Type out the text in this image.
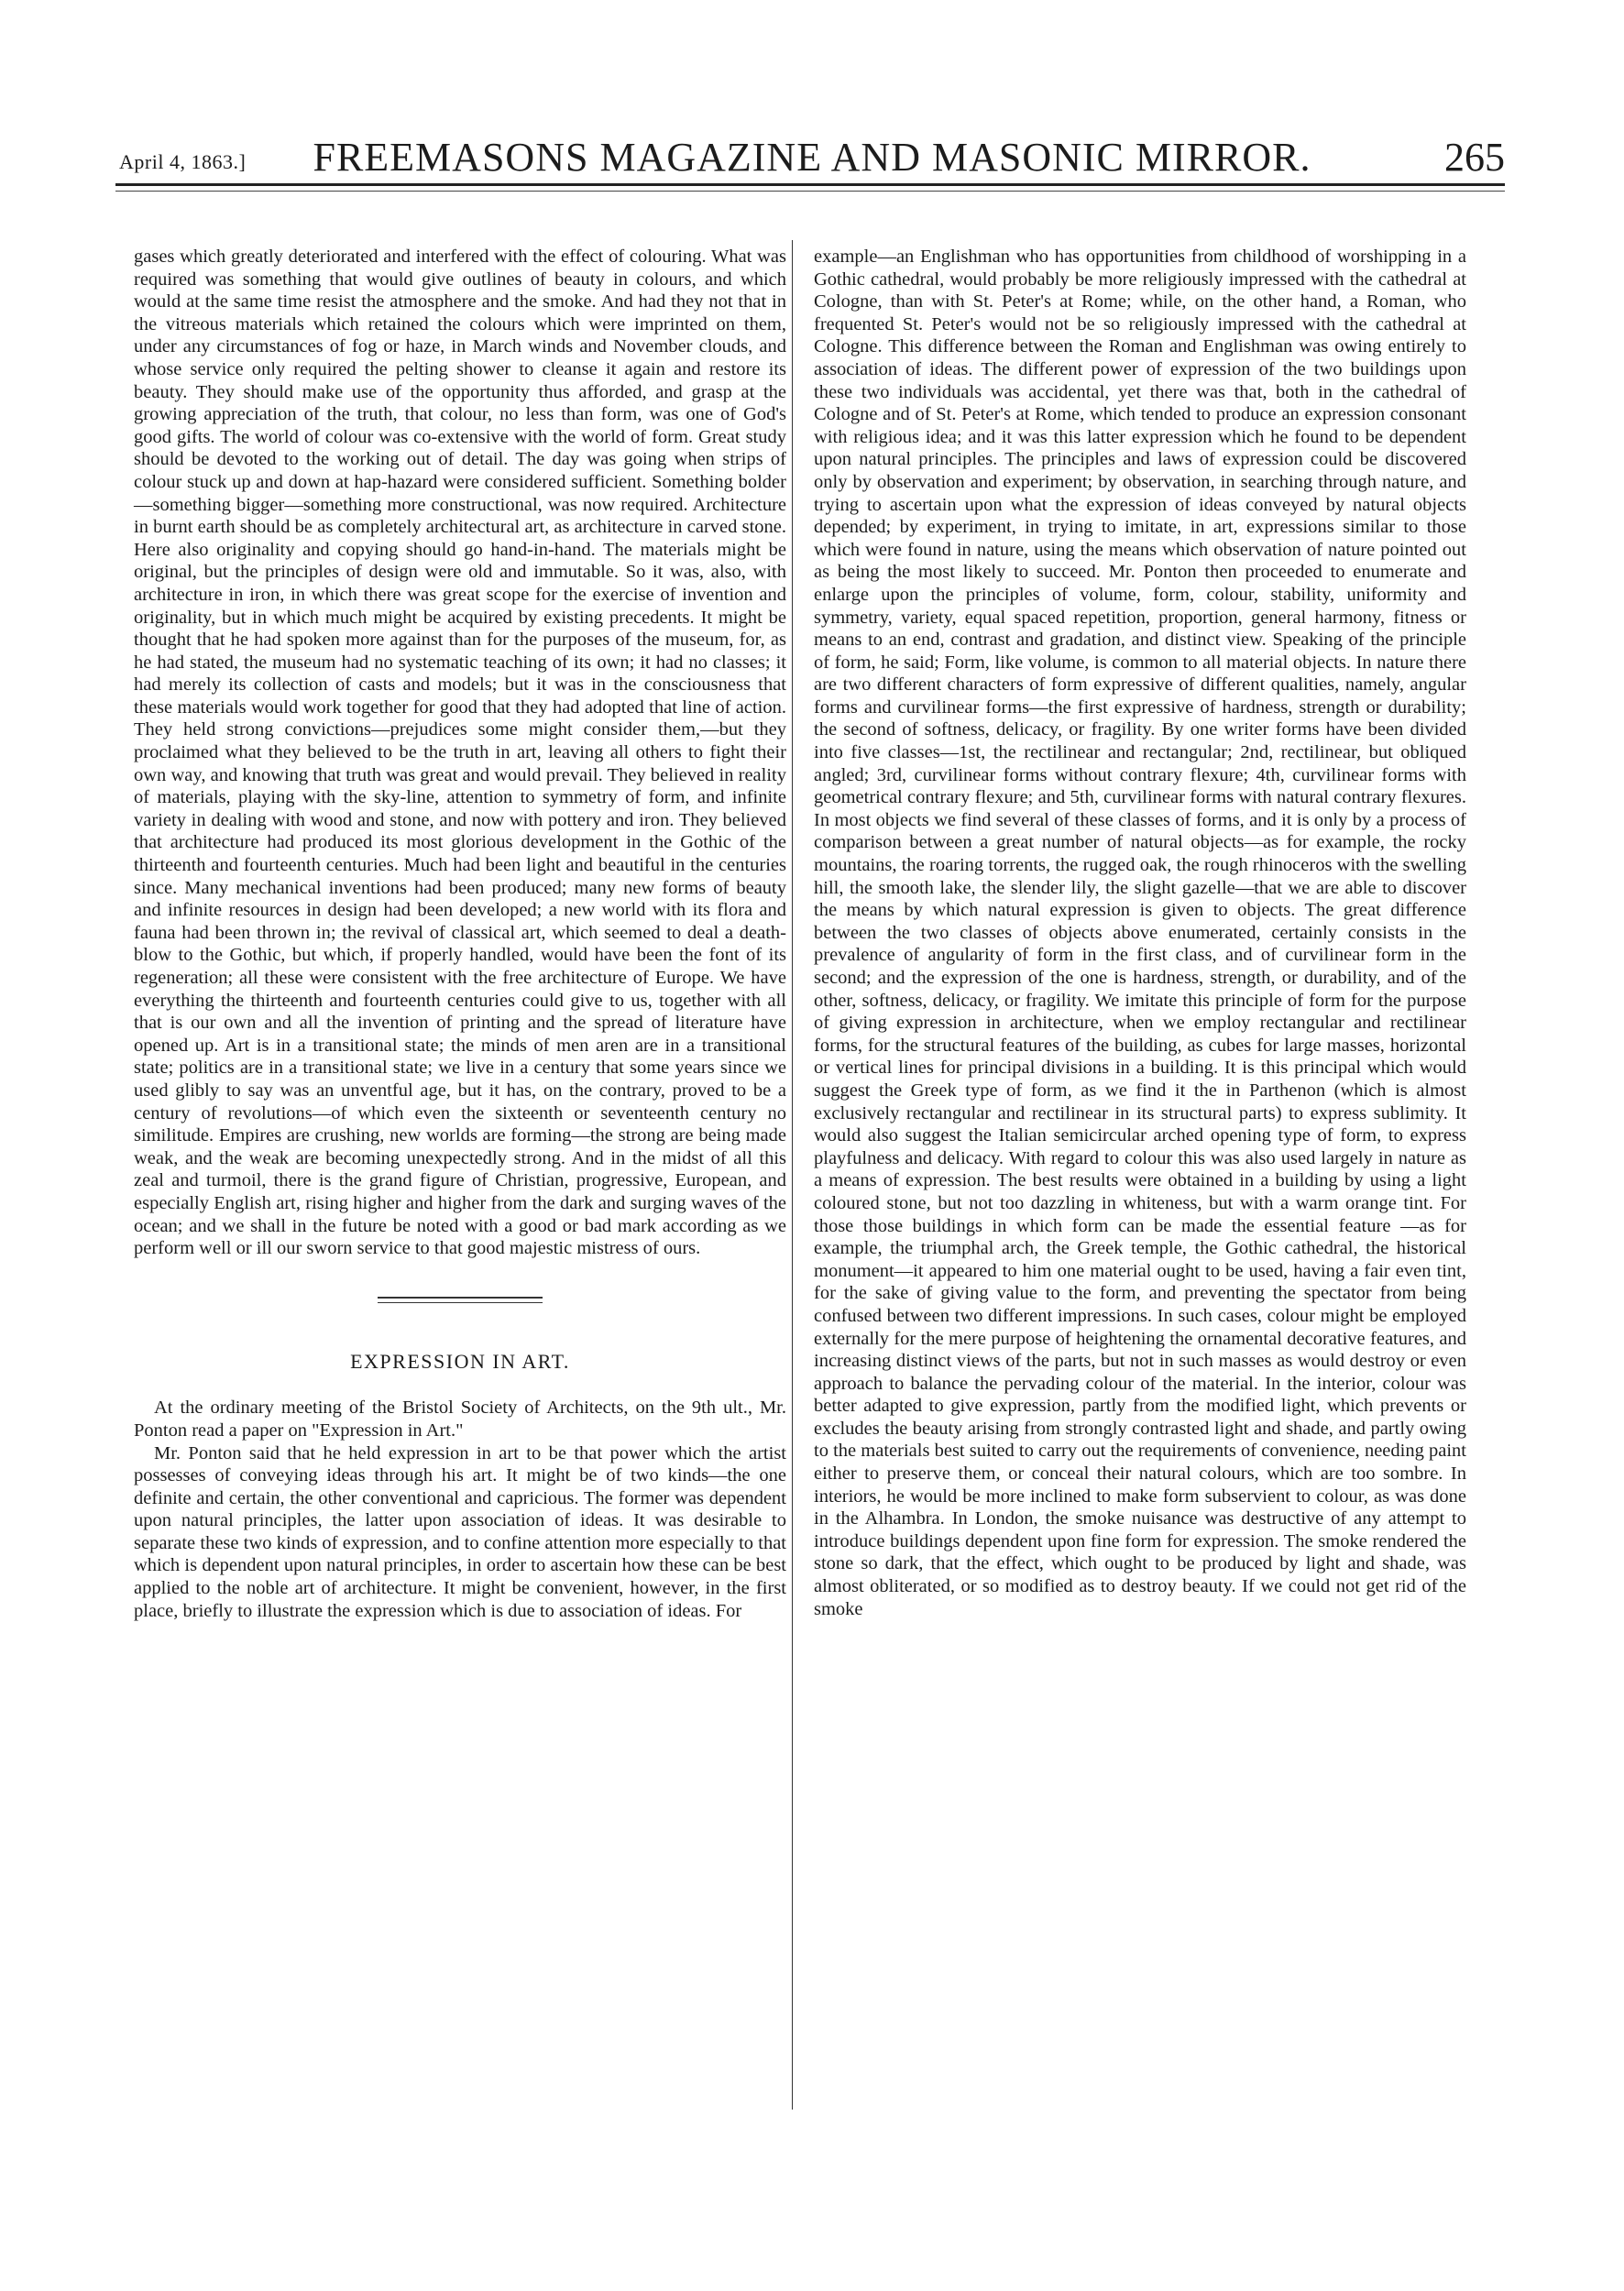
April 4, 1863.]	FREEMASONS MAGAZINE AND MASONIC MIRROR.	265

gases which greatly deteriorated and interfered with the effect of colouring. What was required was something that would give outlines of beauty in colours, and which would at the same time resist the atmosphere and the smoke. And had they not that in the vitreous materials which retained the colours which were imprinted on them, under any circumstances of fog or haze, in March winds and November clouds, and whose service only required the pelting shower to cleanse it again and restore its beauty. They should make use of the opportunity thus afforded, and grasp at the growing appreciation of the truth, that colour, no less than form, was one of God's good gifts. The world of colour was co-extensive with the world of form. Great study should be devoted to the working out of detail. The day was going when strips of colour stuck up and down at hap-hazard were considered sufficient. Something bolder—something bigger—something more constructional, was now required. Architecture in burnt earth should be as completely architectural art, as architecture in carved stone. Here also originality and copying should go hand-in-hand. The materials might be original, but the principles of design were old and immutable. So it was, also, with architecture in iron, in which there was great scope for the exercise of invention and originality, but in which much might be acquired by existing precedents. It might be thought that he had spoken more against than for the purposes of the museum, for, as he had stated, the museum had no systematic teaching of its own; it had no classes; it had merely its collection of casts and models; but it was in the consciousness that these materials would work together for good that they had adopted that line of action. They held strong convictions—prejudices some might consider them,—but they proclaimed what they believed to be the truth in art, leaving all others to fight their own way, and knowing that truth was great and would prevail. They believed in reality of materials, playing with the sky-line, attention to symmetry of form, and infinite variety in dealing with wood and stone, and now with pottery and iron. They believed that architecture had produced its most glorious development in the Gothic of the thirteenth and fourteenth centuries. Much had been light and beautiful in the centuries since. Many mechanical inventions had been produced; many new forms of beauty and infinite resources in design had been developed; a new world with its flora and fauna had been thrown in; the revival of classical art, which seemed to deal a death-blow to the Gothic, but which, if properly handled, would have been the font of its regeneration; all these were consistent with the free architecture of Europe. We have everything the thirteenth and fourteenth centuries could give to us, together with all that is our own and all the invention of printing and the spread of literature have opened up. Art is in a transitional state; the minds of men aren are in a transitional state; politics are in a transitional state; we live in a century that some years since we used glibly to say was an unventful age, but it has, on the contrary, proved to be a century of revolutions—of which even the sixteenth or seventeenth century no similitude. Empires are crushing, new worlds are forming—the strong are being made weak, and the weak are becoming unexpectedly strong. And in the midst of all this zeal and turmoil, there is the grand figure of Christian, progressive, European, and especially English art, rising higher and higher from the dark and surging waves of the ocean; and we shall in the future be noted with a good or bad mark according as we perform well or ill our sworn service to that good majestic mistress of ours.

EXPRESSION IN ART.

At the ordinary meeting of the Bristol Society of Architects, on the 9th ult., Mr. Ponton read a paper on "Expression in Art."

Mr. Ponton said that he held expression in art to be that power which the artist possesses of conveying ideas through his art. It might be of two kinds—the one definite and certain, the other conventional and capricious. The former was dependent upon natural principles, the latter upon association of ideas. It was desirable to separate these two kinds of expression, and to confine attention more especially to that which is dependent upon natural principles, in order to ascertain how these can be best applied to the noble art of architecture. It might be convenient, however, in the first place, briefly to illustrate the expression which is due to association of ideas. For

example—an Englishman who has opportunities from childhood of worshipping in a Gothic cathedral, would probably be more religiously impressed with the cathedral at Cologne, than with St. Peter's at Rome; while, on the other hand, a Roman, who frequented St. Peter's would not be so religiously impressed with the cathedral at Cologne. This difference between the Roman and Englishman was owing entirely to association of ideas. The different power of expression of the two buildings upon these two individuals was accidental, yet there was that, both in the cathedral of Cologne and of St. Peter's at Rome, which tended to produce an expression consonant with religious idea; and it was this latter expression which he found to be dependent upon natural principles. The principles and laws of expression could be discovered only by observation and experiment; by observation, in searching through nature, and trying to ascertain upon what the expression of ideas conveyed by natural objects depended; by experiment, in trying to imitate, in art, expressions similar to those which were found in nature, using the means which observation of nature pointed out as being the most likely to succeed. Mr. Ponton then proceeded to enumerate and enlarge upon the principles of volume, form, colour, stability, uniformity and symmetry, variety, equal spaced repetition, proportion, general harmony, fitness or means to an end, contrast and gradation, and distinct view. Speaking of the principle of form, he said; Form, like volume, is common to all material objects. In nature there are two different characters of form expressive of different qualities, namely, angular forms and curvilinear forms—the first expressive of hardness, strength or durability; the second of softness, delicacy, or fragility. By one writer forms have been divided into five classes—1st, the rectilinear and rectangular; 2nd, rectilinear, but obliqued angled; 3rd, curvilinear forms without contrary flexure; 4th, curvilinear forms with geometrical contrary flexure; and 5th, curvilinear forms with natural contrary flexures. In most objects we find several of these classes of forms, and it is only by a process of comparison between a great number of natural objects—as for example, the rocky mountains, the roaring torrents, the rugged oak, the rough rhinoceros with the swelling hill, the smooth lake, the slender lily, the slight gazelle—that we are able to discover the means by which natural expression is given to objects. The great difference between the two classes of objects above enumerated, certainly consists in the prevalence of angularity of form in the first class, and of curvilinear form in the second; and the expression of the one is hardness, strength, or durability, and of the other, softness, delicacy, or fragility. We imitate this principle of form for the purpose of giving expression in architecture, when we employ rectangular and rectilinear forms, for the structural features of the building, as cubes for large masses, horizontal or vertical lines for principal divisions in a building. It is this principal which would suggest the Greek type of form, as we find it the in Parthenon (which is almost exclusively rectangular and rectilinear in its structural parts) to express sublimity. It would also suggest the Italian semicircular arched opening type of form, to express playfulness and delicacy. With regard to colour this was also used largely in nature as a means of expression. The best results were obtained in a building by using a light coloured stone, but not too dazzling in whiteness, but with a warm orange tint. For those those buildings in which form can be made the essential feature —as for example, the triumphal arch, the Greek temple, the Gothic cathedral, the historical monument—it appeared to him one material ought to be used, having a fair even tint, for the sake of giving value to the form, and preventing the spectator from being confused between two different impressions. In such cases, colour might be employed externally for the mere purpose of heightening the ornamental decorative features, and increasing distinct views of the parts, but not in such masses as would destroy or even approach to balance the pervading colour of the material. In the interior, colour was better adapted to give expression, partly from the modified light, which prevents or excludes the beauty arising from strongly contrasted light and shade, and partly owing to the materials best suited to carry out the requirements of convenience, needing paint either to preserve them, or conceal their natural colours, which are too sombre. In interiors, he would be more inclined to make form subservient to colour, as was done in the Alhambra. In London, the smoke nuisance was destructive of any attempt to introduce buildings dependent upon fine form for expression. The smoke rendered the stone so dark, that the effect, which ought to be produced by light and shade, was almost obliterated, or so modified as to destroy beauty. If we could not get rid of the smoke
